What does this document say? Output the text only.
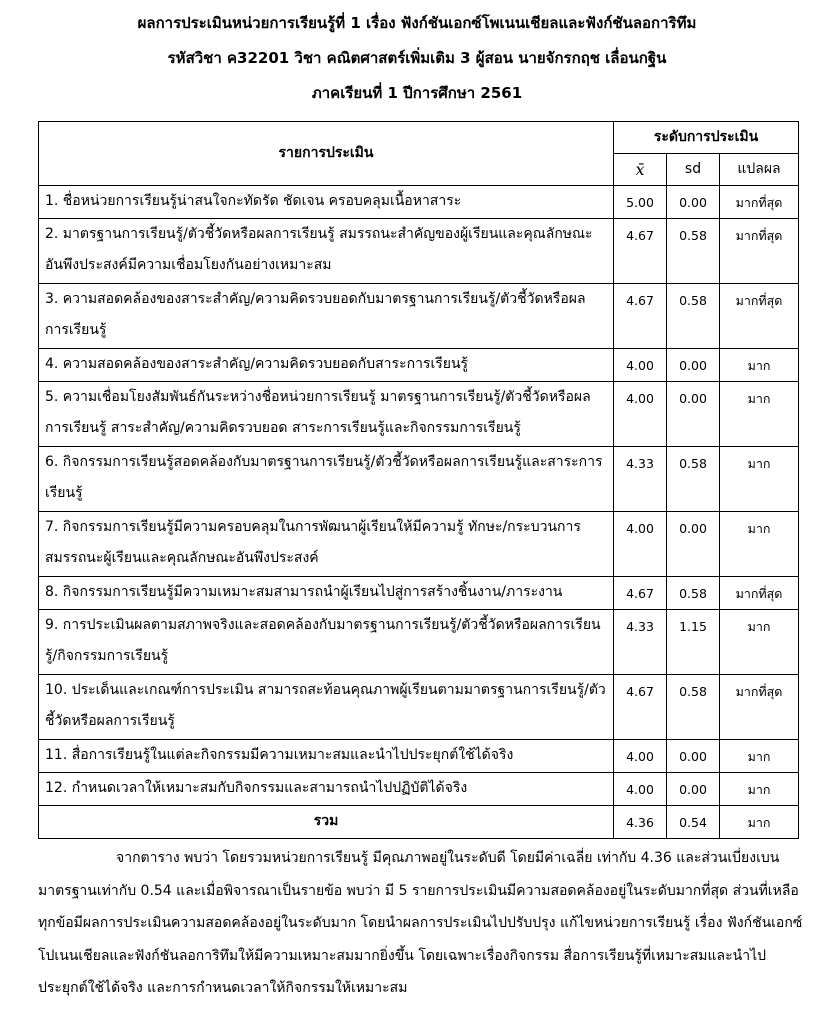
ผลการประเมินหน่วยการเรียนรู้ที่ 1 เรื่อง ฟังก์ชันเอกซ์โพเนนเชียลและฟังก์ชันลอการิทึม
รหัสวิชา ค32201 วิชา คณิตศาสตร์เพิ่มเติม 3 ผู้สอน นายจักรกฤช เลื่อนกฐิน
ภาคเรียนที่ 1 ปีการศึกษา 2561
รายการประเมิน	ระดับการประเมิน		
	x̄	sd	แปลผล
1. ชื่อหน่วยการเรียนรู้น่าสนใจกะทัดรัด ชัดเจน ครอบคลุมเนื้อหาสาระ	5.00	0.00	มากที่สุด
2. มาตรฐานการเรียนรู้/ตัวชี้วัดหรือผลการเรียนรู้ สมรรถนะสำคัญของผู้เรียนและคุณลักษณะอันพึงประสงค์มีความเชื่อมโยงกันอย่างเหมาะสม	4.67	0.58	มากที่สุด
3. ความสอดคล้องของสาระสำคัญ/ความคิดรวบยอดกับมาตรฐานการเรียนรู้/ตัวชี้วัดหรือผลการเรียนรู้	4.67	0.58	มากที่สุด
4. ความสอดคล้องของสาระสำคัญ/ความคิดรวบยอดกับสาระการเรียนรู้	4.00	0.00	มาก
5. ความเชื่อมโยงสัมพันธ์กันระหว่างชื่อหน่วยการเรียนรู้ มาตรฐานการเรียนรู้/ตัวชี้วัดหรือผลการเรียนรู้ สาระสำคัญ/ความคิดรวบยอด สาระการเรียนรู้และกิจกรรมการเรียนรู้	4.00	0.00	มาก
6. กิจกรรมการเรียนรู้สอดคล้องกับมาตรฐานการเรียนรู้/ตัวชี้วัดหรือผลการเรียนรู้และสาระการเรียนรู้	4.33	0.58	มาก
7. กิจกรรมการเรียนรู้มีความครอบคลุมในการพัฒนาผู้เรียนให้มีความรู้ ทักษะ/กระบวนการ สมรรถนะผู้เรียนและคุณลักษณะอันพึงประสงค์	4.00	0.00	มาก
8. กิจกรรมการเรียนรู้มีความเหมาะสมสามารถนำผู้เรียนไปสู่การสร้างชิ้นงาน/ภาระงาน	4.67	0.58	มากที่สุด
9. การประเมินผลตามสภาพจริงและสอดคล้องกับมาตรฐานการเรียนรู้/ตัวชี้วัดหรือผลการเรียนรู้/กิจกรรมการเรียนรู้	4.33	1.15	มาก
10. ประเด็นและเกณฑ์การประเมิน สามารถสะท้อนคุณภาพผู้เรียนตามมาตรฐานการเรียนรู้/ตัวชี้วัดหรือผลการเรียนรู้	4.67	0.58	มากที่สุด
11. สื่อการเรียนรู้ในแต่ละกิจกรรมมีความเหมาะสมและนำไปประยุกต์ใช้ได้จริง	4.00	0.00	มาก
12. กำหนดเวลาให้เหมาะสมกับกิจกรรมและสามารถนำไปปฏิบัติได้จริง	4.00	0.00	มาก
รวม	4.36	0.54	มาก

จากตาราง พบว่า โดยรวมหน่วยการเรียนรู้ มีคุณภาพอยู่ในระดับดี โดยมีค่าเฉลี่ย เท่ากับ 4.36 และส่วนเบี่ยงเบนมาตรฐานเท่ากับ 0.54 และเมื่อพิจารณาเป็นรายข้อ พบว่า มี 5 รายการประเมินมีความสอดคล้องอยู่ในระดับมากที่สุด ส่วนที่เหลือทุกข้อมีผลการประเมินความสอดคล้องอยู่ในระดับมาก โดยนำผลการประเมินไปปรับปรุง แก้ไขหน่วยการเรียนรู้ เรื่อง ฟังก์ชันเอกซ์โปเนนเชียลและฟังก์ชันลอการิทึมให้มีความเหมาะสมมากยิ่งขึ้น โดยเฉพาะเรื่องกิจกรรม สื่อการเรียนรู้ที่เหมาะสมและนำไปประยุกต์ใช้ได้จริง และการกำหนดเวลาให้กิจกรรมให้เหมาะสม
